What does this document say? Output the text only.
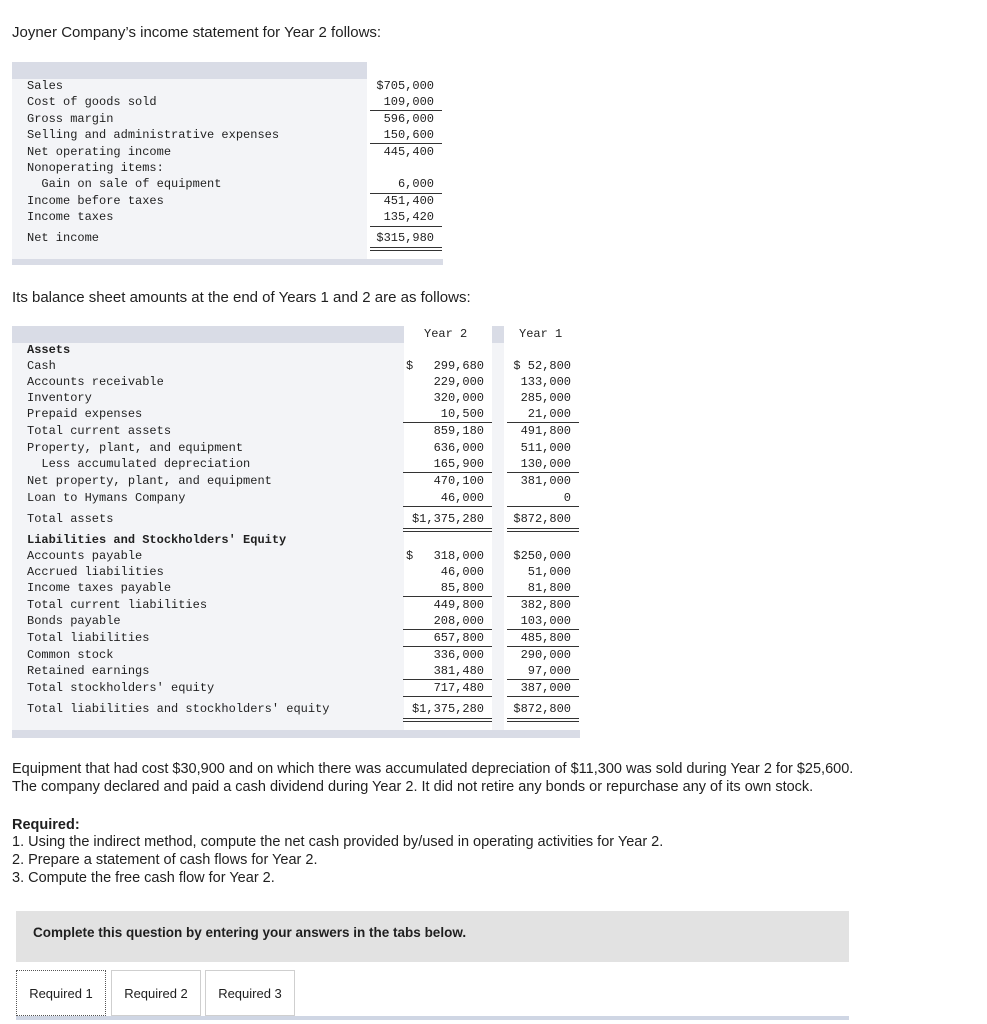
Joyner Company’s income statement for Year 2 follows:

Sales	$705,000
Cost of goods sold	109,000
Gross margin	596,000
Selling and administrative expenses	150,600
Net operating income	445,400
Nonoperating items:
Gain on sale of equipment	6,000
Income before taxes	451,400
Income taxes	135,420
Net income	$315,980

Its balance sheet amounts at the end of Years 1 and 2 are as follows:

Year 2	Year 1
Assets
Cash	$ 299,680 $ 52,800
Accounts receivable	229,000	133,000
Inventory	320,000	285,000
Prepaid expenses	10,500	21,000
Total current assets	859,180	491,800
Property, plant, and equipment	636,000	511,000
Less accumulated depreciation	165,900	130,000
Net property, plant, and equipment	470,100	381,000
Loan to Hymans Company	46,000	0
Total assets	$1,375,280 $872,800
Liabilities and Stockholders' Equity
Accounts payable	$ 318,000 $250,000
Accrued liabilities	46,000	51,000
Income taxes payable	85,800	81,800
Total current liabilities	449,800	382,800
Bonds payable	208,000	103,000
Total liabilities	657,800	485,800
Common stock	336,000	290,000
Retained earnings	381,480	97,000
Total stockholders' equity	717,480	387,000
Total liabilities and stockholders' equity	$1,375,280 $872,800

Equipment that had cost $30,900 and on which there was accumulated depreciation of $11,300 was sold during Year 2 for $25,600.

The company declared and paid a cash dividend during Year 2. It did not retire any bonds or repurchase any of its own stock.

Required:

1. Using the indirect method, compute the net cash provided by/used in operating activities for Year 2.

2. Prepare a statement of cash flows for Year 2.

3. Compute the free cash flow for Year 2.

Complete this question by entering your answers in the tabs below.
Required 1	Required 2	Required 3
